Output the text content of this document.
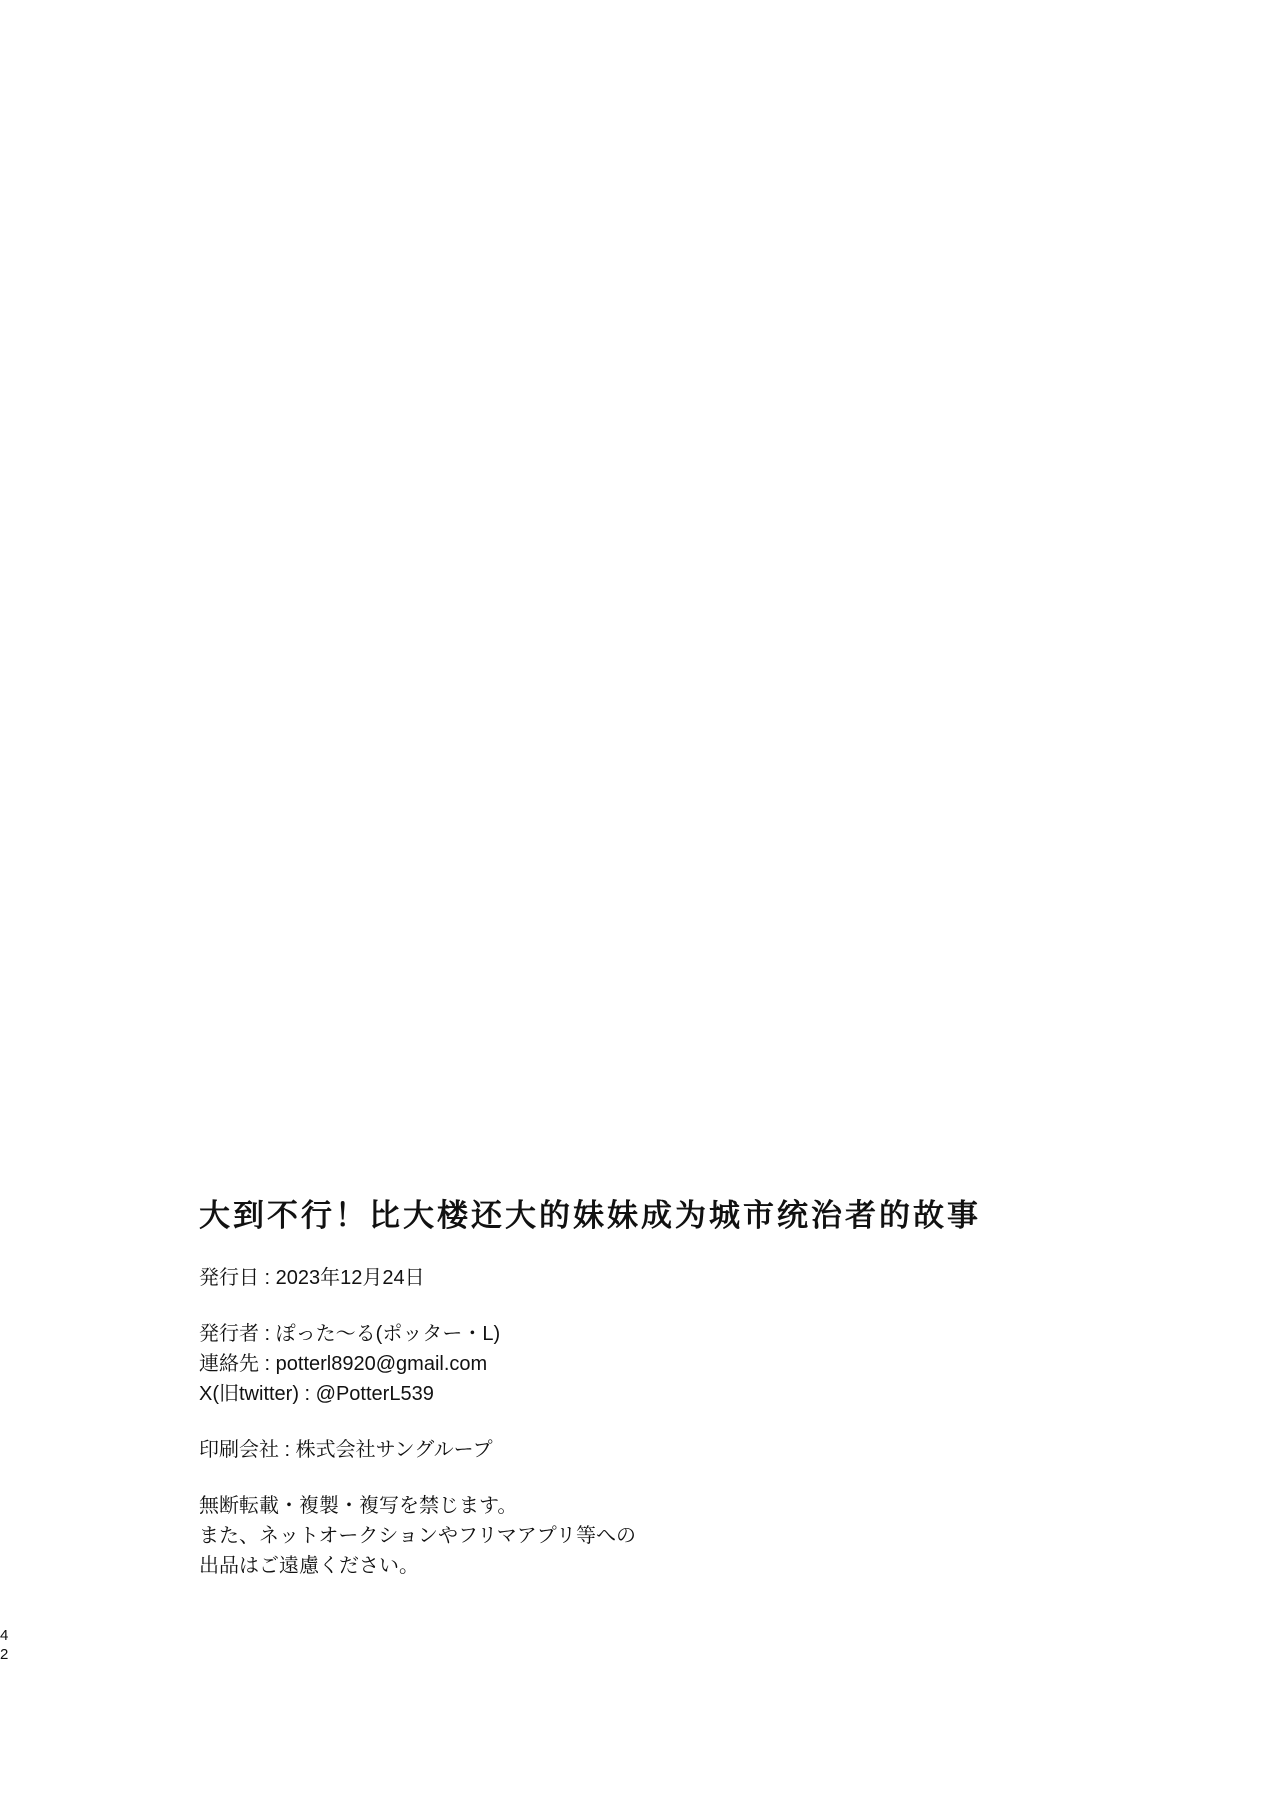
大到不行！比大楼还大的妹妹成为城市统治者的故事
発行日 : 2023年12月24日
発行者 : ぽった〜る(ポッター・L)
連絡先 : potterl8920@gmail.com
X(旧twitter) : @PotterL539
印刷会社 : 株式会社サングループ
無断転載・複製・複写を禁じます。
また、ネットオークションやフリマアプリ等への
出品はご遠慮ください。
4
2
